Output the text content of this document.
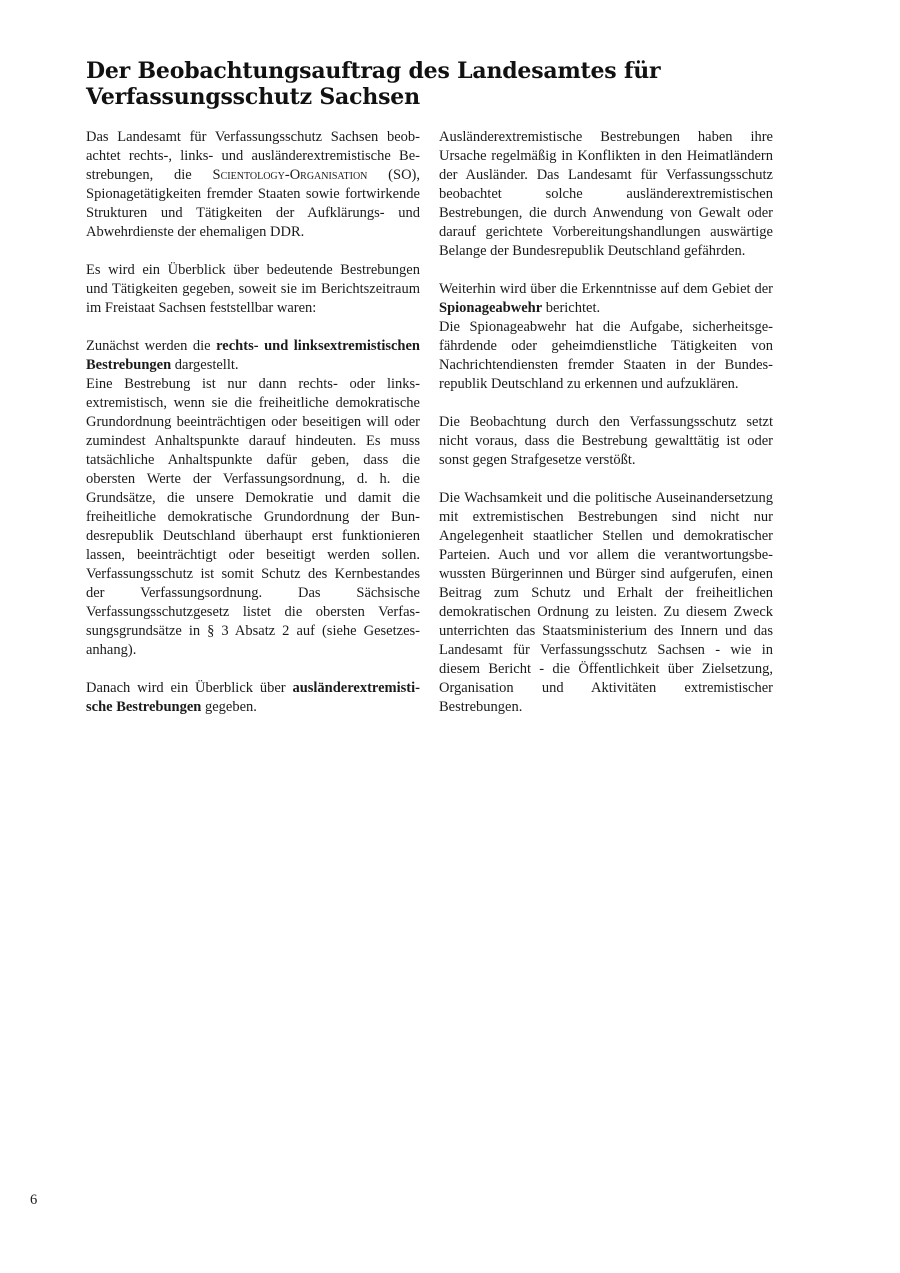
Der Beobachtungsauftrag des Landesamtes für
Verfassungsschutz Sachsen

Das Landesamt für Verfassungsschutz Sachsen beobachtet rechts-, links- und ausländerextremistische Bestrebungen, die Scientology-Organisation (SO), Spionagetätigkeiten fremder Staaten sowie fortwirkende Strukturen und Tätigkeiten der Aufklärungs- und Abwehrdienste der ehemaligen DDR.

Es wird ein Überblick über bedeutende Bestrebungen und Tätigkeiten gegeben, soweit sie im Berichtszeitraum im Freistaat Sachsen feststellbar waren:

Zunächst werden die rechts- und linksextremistischen Bestrebungen dargestellt.

Eine Bestrebung ist nur dann rechts- oder linksextremistisch, wenn sie die freiheitliche demokratische Grundordnung beeinträchtigen oder beseitigen will oder zumindest Anhaltspunkte darauf hindeuten. Es muss tatsächliche Anhaltspunkte dafür geben, dass die obersten Werte der Verfassungsordnung, d. h. die Grundsätze, die unsere Demokratie und damit die freiheitliche demokratische Grundordnung der Bundesrepublik Deutschland überhaupt erst funktionieren lassen, beeinträchtigt oder beseitigt werden sollen. Verfassungsschutz ist somit Schutz des Kernbestandes der Verfassungsordnung. Das Sächsische Verfassungsschutzgesetz listet die obersten Verfassungsgrundsätze in § 3 Absatz 2 auf (siehe Gesetzesanhang).

Danach wird ein Überblick über ausländerextremistische Bestrebungen gegeben.

Ausländerextremistische Bestrebungen haben ihre Ursache regelmäßig in Konflikten in den Heimatländern der Ausländer. Das Landesamt für Verfassungsschutz beobachtet solche ausländerextremistischen Bestrebungen, die durch Anwendung von Gewalt oder darauf gerichtete Vorbereitungshandlungen auswärtige Belange der Bundesrepublik Deutschland gefährden.

Weiterhin wird über die Erkenntnisse auf dem Gebiet der Spionageabwehr berichtet.

Die Spionageabwehr hat die Aufgabe, sicherheitsgefährdende oder geheimdienstliche Tätigkeiten von Nachrichtendiensten fremder Staaten in der Bundesrepublik Deutschland zu erkennen und aufzuklären.

Die Beobachtung durch den Verfassungsschutz setzt nicht voraus, dass die Bestrebung gewalttätig ist oder sonst gegen Strafgesetze verstößt.

Die Wachsamkeit und die politische Auseinandersetzung mit extremistischen Bestrebungen sind nicht nur Angelegenheit staatlicher Stellen und demokratischer Parteien. Auch und vor allem die verantwortungsbewussten Bürgerinnen und Bürger sind aufgerufen, einen Beitrag zum Schutz und Erhalt der freiheitlichen demokratischen Ordnung zu leisten. Zu diesem Zweck unterrichten das Staatsministerium des Innern und das Landesamt für Verfassungsschutz Sachsen - wie in diesem Bericht - die Öffentlichkeit über Zielsetzung, Organisation und Aktivitäten extremistischer Bestrebungen.

6
